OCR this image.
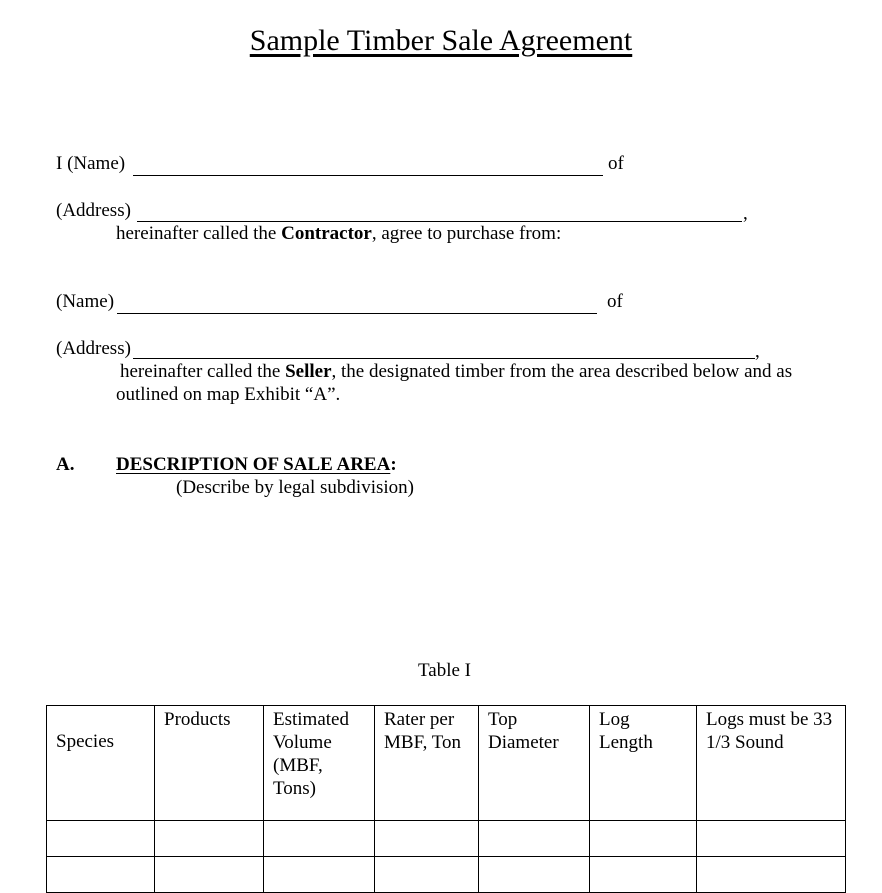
Sample Timber Sale Agreement
I (Name)	of
(Address)	,
hereinafter called the Contractor, agree to purchase from:
(Name)	of
(Address)	,
hereinafter called the Seller, the designated timber from the area described below and as
outlined on map Exhibit “A”.
A. DESCRIPTION OF SALE AREA:
(Describe by legal subdivision)
Table I
Species	Products	Estimated Volume (MBF, Tons)	Rater per MBF, Ton	Top Diameter	Log Length	Logs must be 33 1/3 Sound
